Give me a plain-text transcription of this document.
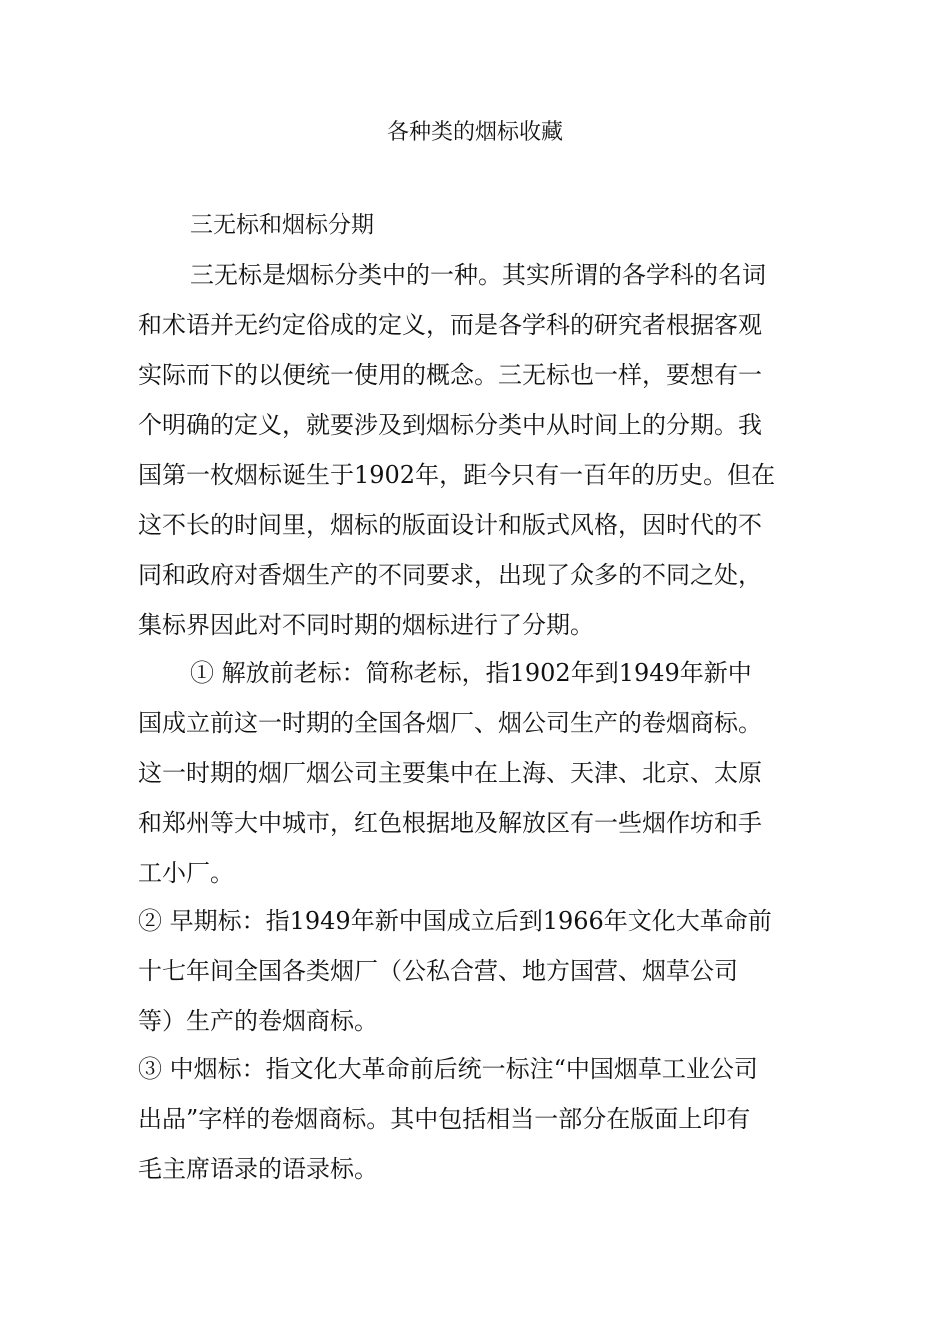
各种类的烟标收藏

三无标和烟标分期

三无标是烟标分类中的一种。其实所谓的各学科的名词

和术语并无约定俗成的定义，而是各学科的研究者根据客观

实际而下的以便统一使用的概念。三无标也一样，要想有一

个明确的定义，就要涉及到烟标分类中从时间上的分期。我

国第一枚烟标诞生于1902年，距今只有一百年的历史。但在

这不长的时间里，烟标的版面设计和版式风格，因时代的不

同和政府对香烟生产的不同要求，出现了众多的不同之处，

集标界因此对不同时期的烟标进行了分期。

① 解放前老标：简称老标，指1902年到1949年新中

国成立前这一时期的全国各烟厂、烟公司生产的卷烟商标。

这一时期的烟厂烟公司主要集中在上海、天津、北京、太原

和郑州等大中城市，红色根据地及解放区有一些烟作坊和手

工小厂。

② 早期标：指1949年新中国成立后到1966年文化大革命前

十七年间全国各类烟厂（公私合营、地方国营、烟草公司

等）生产的卷烟商标。

③ 中烟标：指文化大革命前后统一标注“中国烟草工业公司

出品”字样的卷烟商标。其中包括相当一部分在版面上印有

毛主席语录的语录标。
